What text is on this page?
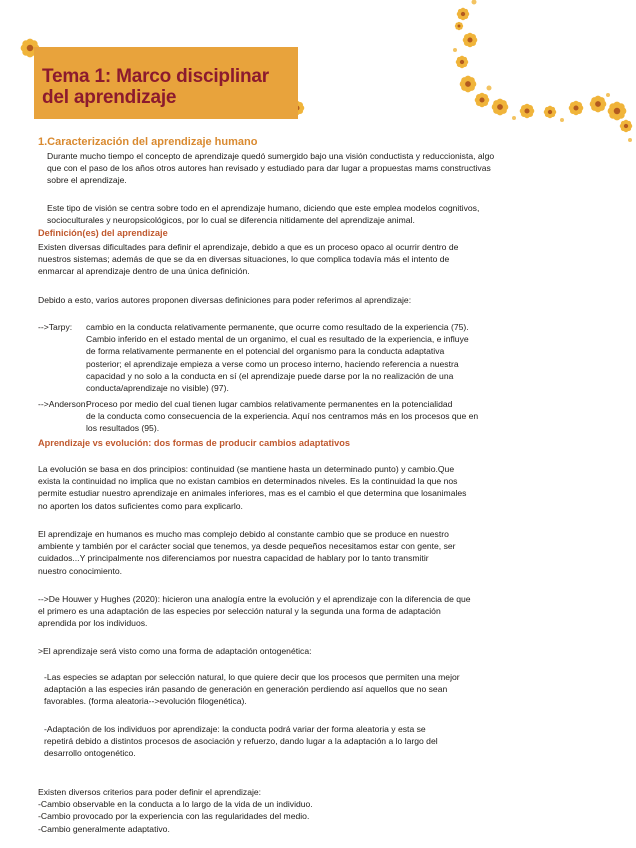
Tema 1: Marco disciplinar
del aprendizaje
1.Caracterización del aprendizaje humano
Durante mucho tiempo el concepto de aprendizaje quedó sumergido bajo una visión conductista y reduccionista, algo
que con el paso de los años otros autores han revisado y estudiado para dar lugar a propuestas mams constructivas
sobre el aprendizaje.
Este tipo de visión se centra sobre todo en el aprendizaje humano, diciendo que este emplea modelos cognitivos,
socioculturales y neuropsicológicos, por lo cual se diferencia nitidamente del aprendizaje animal.
Definición(es) del aprendizaje
Existen diversas dificultades para definir el aprendizaje, debido a que es un proceso opaco al ocurrir dentro de
nuestros sistemas; además de que se da en diversas situaciones, lo que complica todavía más el intento de
enmarcar al aprendizaje dentro de una única definición.
Debido a esto, varios autores proponen diversas definiciones para poder referimos al aprendizaje:
-->Tarpy: cambio en la conducta relativamente permanente, que ocurre como resultado de la experiencia (75).
Cambio inferido en el estado mental de un organimo, el cual es resultado de la experiencia, e influye
de forma relativamente permanente en el potencial del organismo para la conducta adaptativa
posterior; el aprendizaje empieza a verse como un proceso interno, haciendo referencia a nuestra
capacidad y no solo a la conducta en sí (el aprendizaje puede darse por la no realización de una
conducta/aprendizaje no visible) (97).
-->Anderson:
Proceso por medio del cual tienen lugar cambios relativamente permanentes en la potencialidad
de la conducta como consecuencia de la experiencia. Aquí nos centramos más en los procesos que en
los resultados (95).
Aprendizaje vs evolución: dos formas de producir cambios adaptativos
La evolución se basa en dos principios: continuidad (se mantiene hasta un determinado punto) y cambio.Que
exista la continuidad no implica que no existan cambios en determinados niveles. Es la continuidad la que nos
permite estudiar nuestro aprendizaje en animales inferiores, mas es el cambio el que determina que losanimales
no aporten los datos suficientes como para explicarlo.
El aprendizaje en humanos es mucho mas complejo debido al constante cambio que se produce en nuestro
ambiente y también por el carácter social que tenemos, ya desde pequeños necesitamos estar con gente, ser
cuidados...Y principalmente nos diferenciamos por nuestra capacidad de hablary por lo tanto transmitir
nuestro conocimiento.
-->De Houwer y Hughes (2020): hicieron una analogía entre la evolución y el aprendizaje con la diferencia de que
el primero es una adaptación de las especies por selección natural y la segunda una forma de adaptación
aprendida por los individuos.
>El aprendizaje será visto como una forma de adaptación ontogenética:
-Las especies se adaptan por selección natural, lo que quiere decir que los procesos que permiten una mejor
adaptación a las especies irán pasando de generación en generación perdiendo así aquellos que no sean
favorables. (forma aleatoria-->evolución filogenética).
-Adaptación de los individuos por aprendizaje: la conducta podrá variar der forma aleatoria y esta se
repetirá debido a distintos procesos de asociación y refuerzo, dando lugar a la adaptación a lo largo del
desarrollo ontogenético.
Existen diversos criterios para poder definir el aprendizaje:
-Cambio observable en la conducta a lo largo de la vida de un individuo.
-Cambio provocado por la experiencia con las regularidades del medio.
-Cambio generalmente adaptativo.
